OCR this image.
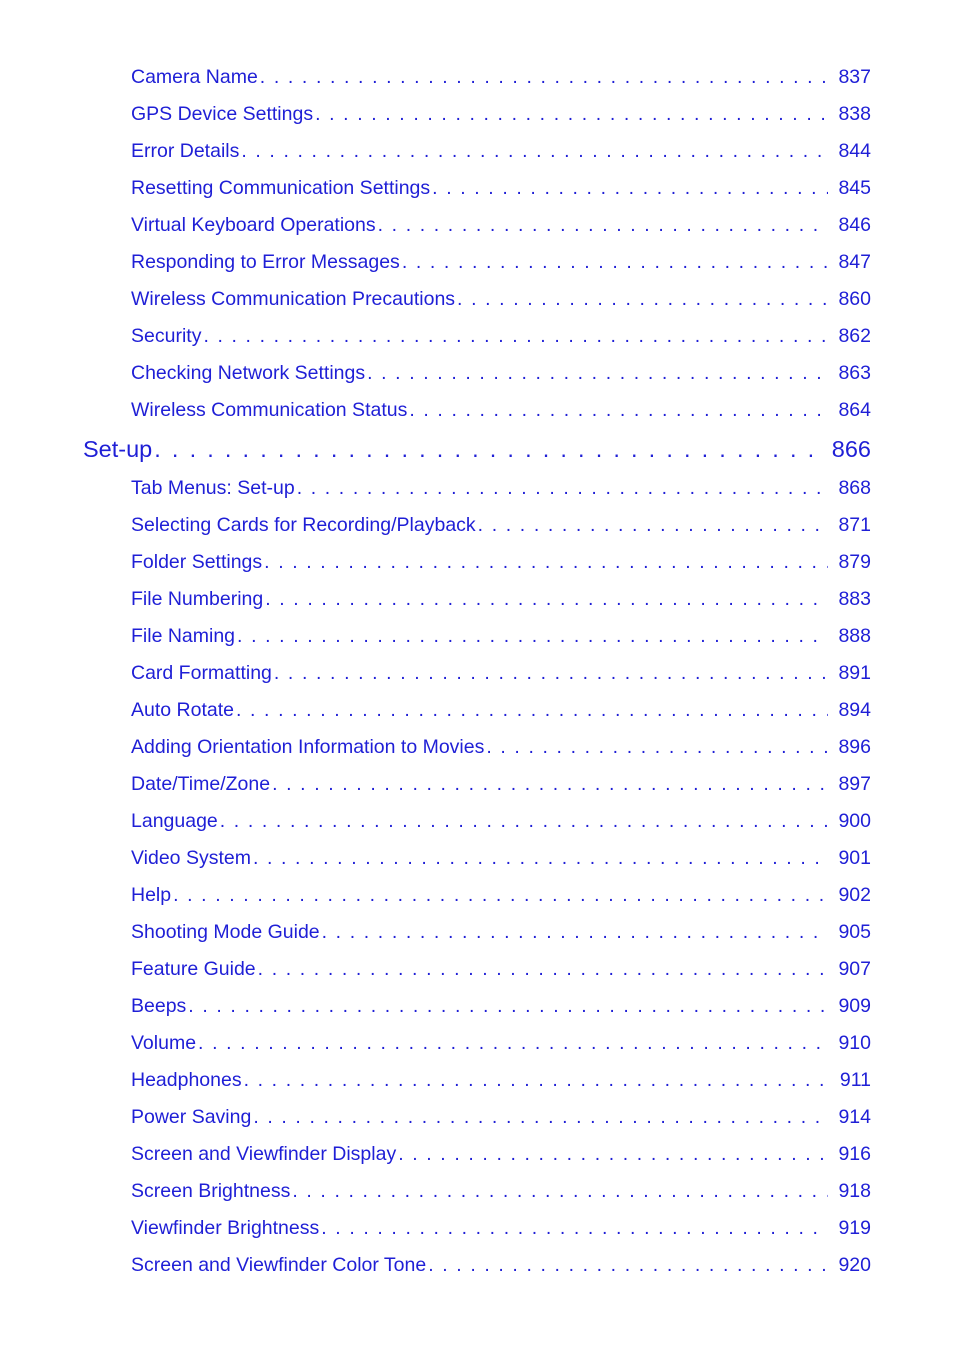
Camera Name . . .	837
GPS Device Settings . . .	838
Error Details . . .	844
Resetting Communication Settings . . .	845
Virtual Keyboard Operations . . .	846
Responding to Error Messages . . .	847
Wireless Communication Precautions . . .	860
Security . . .	862
Checking Network Settings . . .	863
Wireless Communication Status . . .	864
Set-up . . .	866
Tab Menus: Set-up . . .	868
Selecting Cards for Recording/Playback . . .	871
Folder Settings . . .	879
File Numbering . . .	883
File Naming . . .	888
Card Formatting . . .	891
Auto Rotate . . .	894
Adding Orientation Information to Movies . . .	896
Date/Time/Zone . . .	897
Language . . .	900
Video System . . .	901
Help . . .	902
Shooting Mode Guide . . .	905
Feature Guide . . .	907
Beeps . . .	909
Volume . . .	910
Headphones . . .	911
Power Saving . . .	914
Screen and Viewfinder Display . . .	916
Screen Brightness . . .	918
Viewfinder Brightness . . .	919
Screen and Viewfinder Color Tone . . .	920
